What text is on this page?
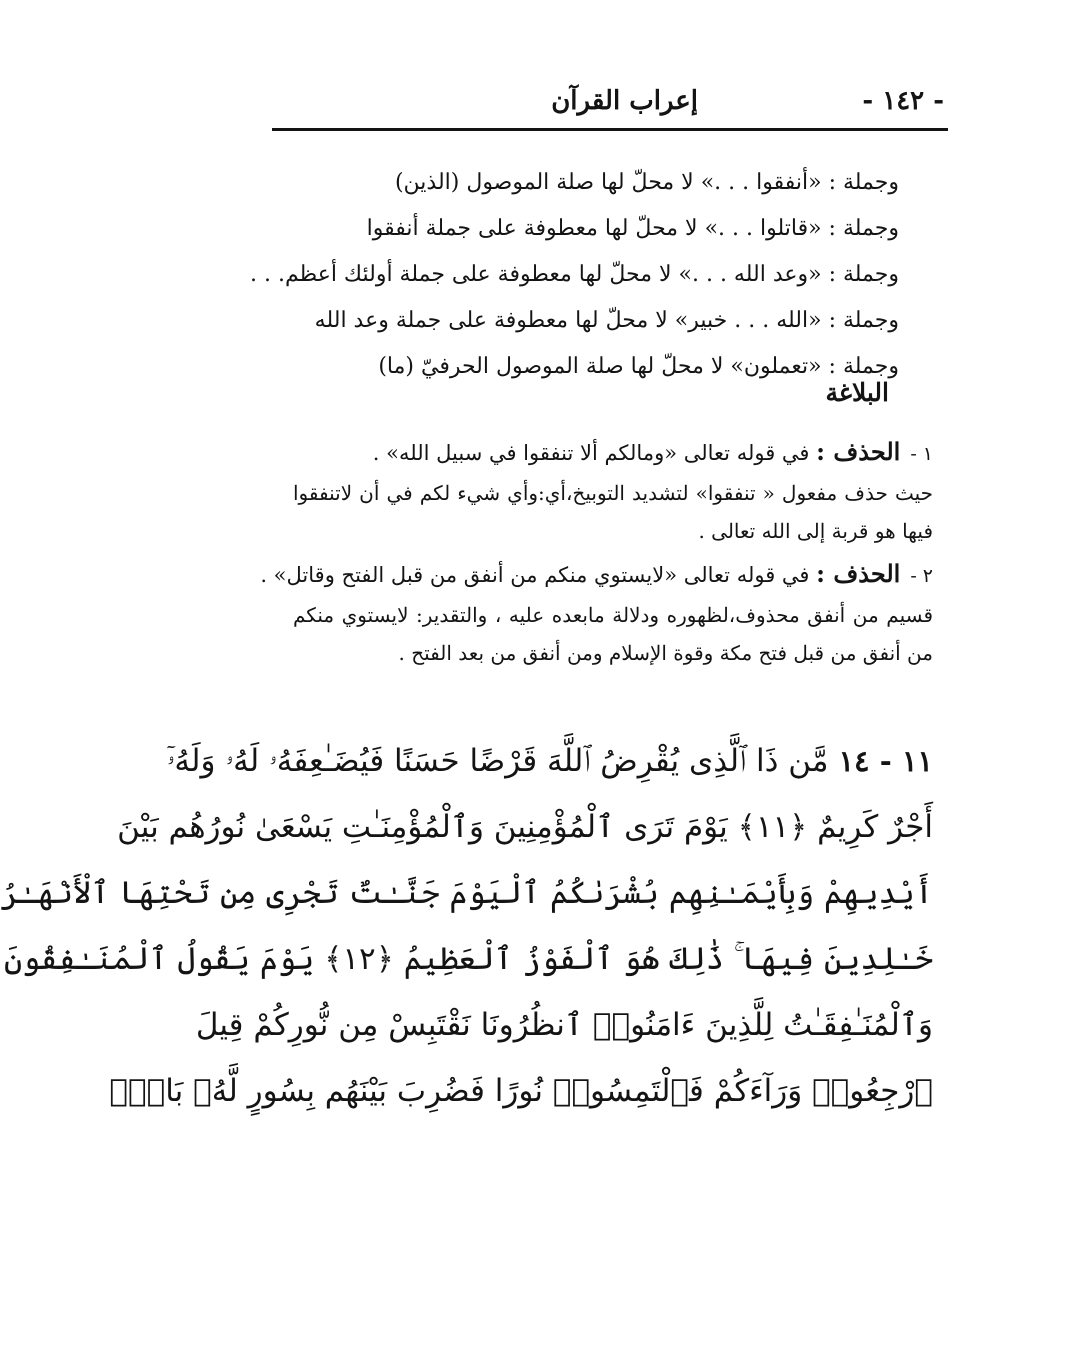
- ١٤٢ -
إعراب القرآن
وجملة : «أنفقوا . . .» لا محلّ لها صلة الموصول (الذين)
وجملة : «قاتلوا . . .» لا محلّ لها معطوفة على جملة أنفقوا
وجملة : «وعد الله . . .» لا محلّ لها معطوفة على جملة أولئك أعظم. . .
وجملة : «الله . . . خبير» لا محلّ لها معطوفة على جملة وعد الله
وجملة : «تعملون» لا محلّ لها صلة الموصول الحرفيّ (ما)
البلاغة
١ - الحذف : في قوله تعالى «ومالكم ألا تنفقوا في سبيل الله» .
حيث حذف مفعول « تنفقوا» لتشديد التوبيخ،أي:وأي شيء لكم في أن لاتنفقوا فيها هو قربة إلى الله تعالى .
٢ - الحذف : في قوله تعالى «لايستوي منكم من أنفق من قبل الفتح وقاتل» .
قسيم من أنفق محذوف،لظهوره ودلالة مابعده عليه ، والتقدير: لايستوي منكم من أنفق من قبل فتح مكة وقوة الإسلام ومن أنفق من بعد الفتح .
١١ - ١٤مَّن ذَا ٱلَّذِى يُقْرِضُ ٱللَّهَ قَرْضًا حَسَنًا فَيُضَـٰعِفَهُۥ لَهُۥ وَلَهُۥٓ
أَجْرٌ كَرِيمٌ ﴿١١﴾ يَوْمَ تَرَى ٱلْمُؤْمِنِينَ وَٱلْمُؤْمِنَـٰتِ يَسْعَىٰ نُورُهُم بَيْنَ
أَيْدِيهِمْ وَبِأَيْمَـٰنِهِم بُشْرَىٰكُمُ ٱلْيَوْمَ جَنَّـٰتٌ تَجْرِى مِن تَحْتِهَا ٱلْأَنْهَـٰرُ
خَـٰلِدِينَ فِيهَا ۚ ذَٰلِكَ هُوَ ٱلْفَوْزُ ٱلْعَظِيمُ ﴿١٢﴾ يَوْمَ يَقُولُ ٱلْمُنَـٰفِقُونَ
وَٱلْمُنَـٰفِقَـٰتُ لِلَّذِينَ ءَامَنُوا۟ ٱنظُرُونَا نَقْتَبِسْ مِن نُّورِكُمْ قِيلَ
ٱرْجِعُوا۟ وَرَآءَكُمْ فَٱلْتَمِسُوا۟ نُورًا فَضُرِبَ بَيْنَهُم بِسُورٍ لَّهُۥ بَابٌۢ
